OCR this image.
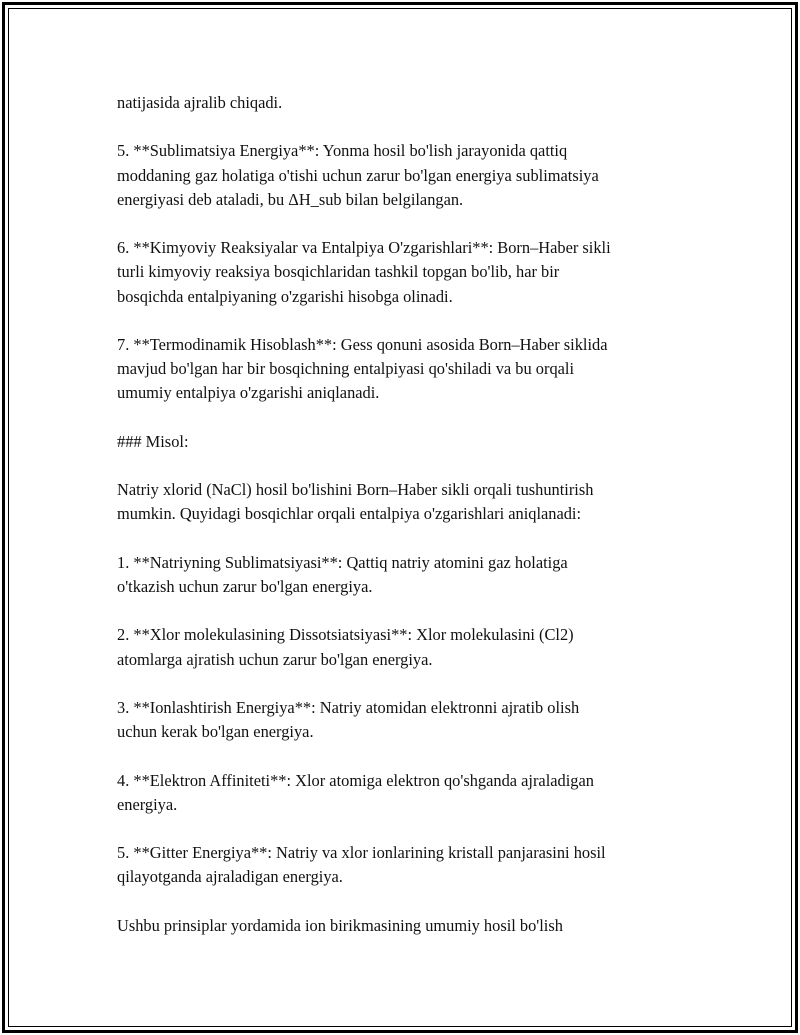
natijasida ajralib chiqadi.

5. **Sublimatsiya Energiya**: Yonma hosil bo'lish jarayonida qattiq
moddaning gaz holatiga o'tishi uchun zarur bo'lgan energiya sublimatsiya
energiyasi deb ataladi, bu ΔH_sub bilan belgilangan.

6. **Kimyoviy Reaksiyalar va Entalpiya O'zgarishlari**: Born–Haber sikli
turli kimyoviy reaksiya bosqichlaridan tashkil topgan bo'lib, har bir
bosqichda entalpiyaning o'zgarishi hisobga olinadi.

7. **Termodinamik Hisoblash**: Gess qonuni asosida Born–Haber siklida
mavjud bo'lgan har bir bosqichning entalpiyasi qo'shiladi va bu orqali
umumiy entalpiya o'zgarishi aniqlanadi.

### Misol:

Natriy xlorid (NaCl) hosil bo'lishini Born–Haber sikli orqali tushuntirish
mumkin. Quyidagi bosqichlar orqali entalpiya o'zgarishlari aniqlanadi:

1. **Natriyning Sublimatsiyasi**: Qattiq natriy atomini gaz holatiga
o'tkazish uchun zarur bo'lgan energiya.

2. **Xlor molekulasining Dissotsiatsiyasi**: Xlor molekulasini (Cl2)
atomlarga ajratish uchun zarur bo'lgan energiya.

3. **Ionlashtirish Energiya**: Natriy atomidan elektronni ajratib olish
uchun kerak bo'lgan energiya.

4. **Elektron Affiniteti**: Xlor atomiga elektron qo'shganda ajraladigan
energiya.

5. **Gitter Energiya**: Natriy va xlor ionlarining kristall panjarasini hosil
qilayotganda ajraladigan energiya.

Ushbu prinsiplar yordamida ion birikmasining umumiy hosil bo'lish
